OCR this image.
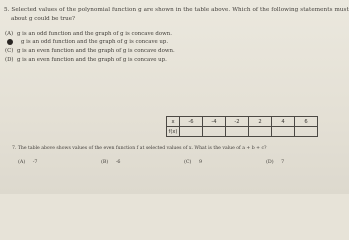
5. Selected values of the polynomial function g are shown in the table above. Which of the following statements must
about g could be true?
(A) g is an odd function and the graph of g is concave down.
g is an odd function and the graph of g is concave up.
(C) g is an even function and the graph of g is concave down.
(D) g is an even function and the graph of g is concave up.
x	-6	-4	-2	2	4	6
f(x)						
7. The table above shows values of the even function f at selected values of x. What is the value of a + b + c?
(A) -7	(B) -6	(C) 9	(D) 7
